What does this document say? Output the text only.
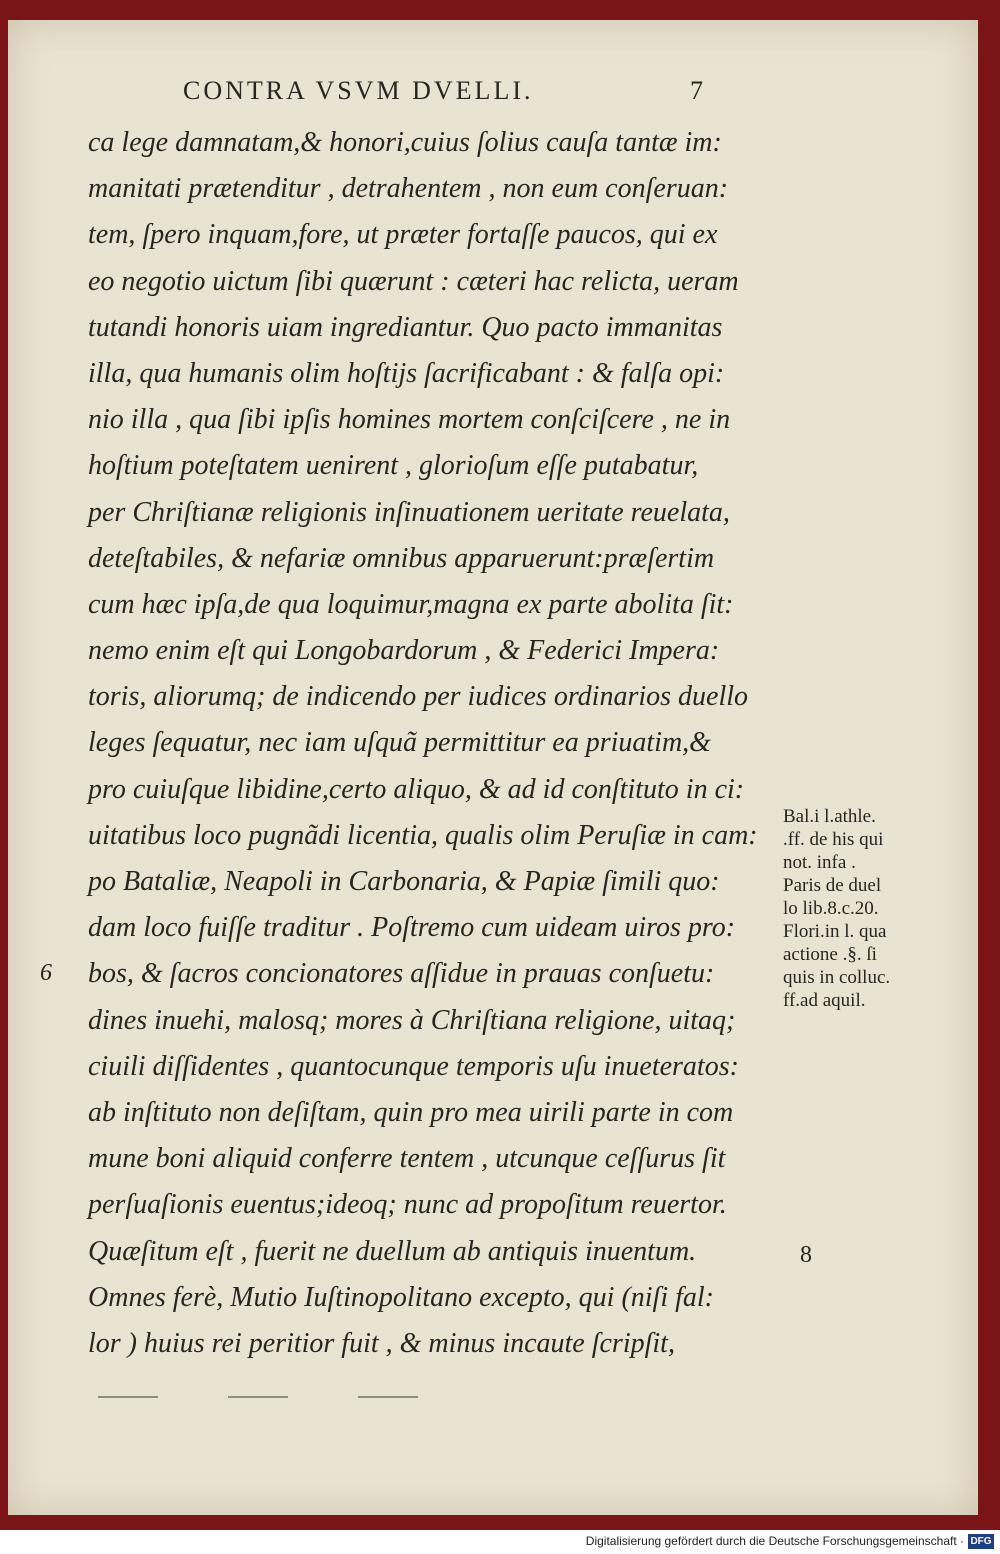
CONTRA VSVM DVELLI.	7
ca lege damnatam,& honori,cuius ſolius cauſa tantæ im:
manitati prætenditur , detrahentem , non eum conſeruan:
tem, ſpero inquam,fore, ut præter fortaſſe paucos, qui ex
eo negotio uictum ſibi quærunt : cæteri hac relicta, ueram
tutandi honoris uiam ingrediantur. Quo pacto immanitas
illa, qua humanis olim hoſtijs ſacrificabant : & falſa opi:
nio illa , qua ſibi ipſis homines mortem conſciſcere , ne in
hoſtium poteſtatem uenirent , glorioſum eſſe putabatur,
per Chriſtianæ religionis inſinuationem ueritate reuelata,
deteſtabiles, & nefariæ omnibus apparuerunt:præſertim
cum hæc ipſa,de qua loquimur,magna ex parte abolita ſit:
nemo enim eſt qui Longobardorum , & Federici Impera:
toris, aliorumq; de indicendo per iudices ordinarios duello
leges ſequatur, nec iam uſquã permittitur ea priuatim,&
pro cuiuſque libidine,certo aliquo, & ad id conſtituto in ci:
uitatibus loco pugnãdi licentia, qualis olim Peruſiæ in cam:
po Bataliæ, Neapoli in Carbonaria, & Papiæ ſimili quo:
dam loco fuiſſe traditur . Poſtremo cum uideam uiros pro:
bos, & ſacros concionatores aſſidue in prauas conſuetu:
dines inuehi, malosq; mores à Chriſtiana religione, uitaq;
ciuili diſſidentes , quantocunque temporis uſu inueteratos:
ab inſtituto non deſiſtam, quin pro mea uirili parte in com
mune boni aliquid conferre tentem , utcunque ceſſurus ſit
perſuaſionis euentus;ideoq; nunc ad propoſitum reuertor.
Quæſitum eſt , fuerit ne duellum ab antiquis inuentum.
Omnes ferè, Mutio Iuſtinopolitano excepto, qui (niſi fal:
lor ) huius rei peritior fuit , & minus incaute ſcripſit,
Bal.i l.athle.
.ff. de his qui
not. infa .
Paris de duel
lo lib.8.c.20.
Flori.in l. qua
actione .§. ſi
quis in colluc.
ff.ad aquil.
6
8
Digitalisierung gefördert durch die Deutsche Forschungsgemeinschaft · DFG
